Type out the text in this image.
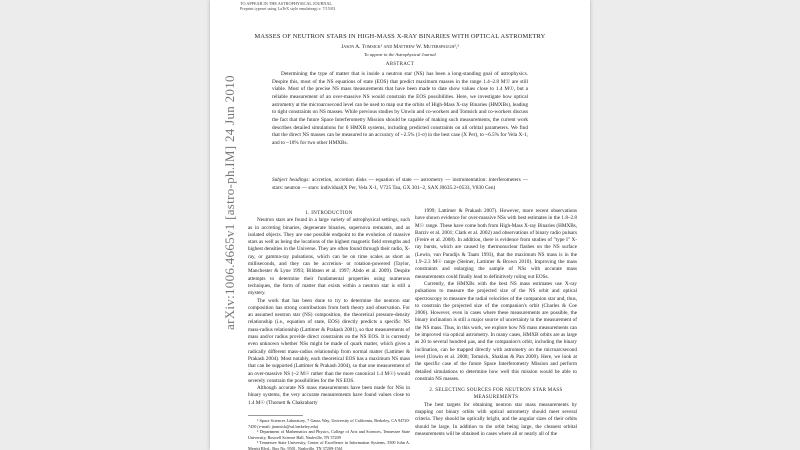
TO APPEAR IN THE ASTROPHYSICAL JOURNAL
Preprint typeset using LaTeX style emulateapj v. 7/15/03
MASSES OF NEUTRON STARS IN HIGH-MASS X-RAY BINARIES WITH OPTICAL ASTROMETRY
Jason A. Tomsick¹ and Matthew W. Muterspaugh²,³
To appear in the Astrophysical Journal
ABSTRACT

Determining the type of matter that is inside a neutron star (NS) has been a long-standing goal of astrophysics. Despite this, most of the NS equations of state (EOS) that predict maximum masses in the range 1.4–2.8 M☉ are still viable. Most of the precise NS mass measurements that have been made to date show values close to 1.4 M☉, but a reliable measurement of an over-massive NS would constrain the EOS possibilities. Here, we investigate how optical astrometry at the microarcsecond level can be used to map out the orbits of High-Mass X-ray Binaries (HMXBs), leading to tight constraints on NS masses. While previous studies by Unwin and co-workers and Tomsick and co-workers discuss the fact that the future Space Interferometry Mission should be capable of making such measurements, the current work describes detailed simulations for 6 HMXB systems, including predicted constraints on all orbital parameters. We find that the direct NS masses can be measured to an accuracy of ~2.5% (1-σ) in the best case (X Per), to ~6.5% for Vela X-1, and to ~10% for two other HMXBs.

Subject headings: accretion, accretion disks — equation of state — astrometry — instrumentation: interferometers — stars: neutron — stars: individual(X Per, Vela X-1, V725 Tau, GX 301−2, SAX J0635.2+0533, V830 Cen)

1. INTRODUCTION

Neutron stars are found in a large variety of astrophysical settings, such as in accreting binaries, degenerate binaries, supernova remnants, and as isolated objects. They are one possible endpoint to the evolution of massive stars as well as being the locations of the highest magnetic field strengths and highest densities in the Universe. They are often found through their radio, X-ray, or gamma-ray pulsations, which can be on time scales as short as milliseconds, and they can be accretion- or rotation-powered (Taylor, Manchester & Lyne 1993; Bildsten et al. 1997; Abdo et al. 2009). Despite attempts to determine their fundamental properties using numerous techniques, the form of matter that exists within a neutron star is still a mystery.

The work that has been done to try to determine the neutron star composition has strong contributions from both theory and observation. For an assumed neutron star (NS) composition, the theoretical pressure-density relationship (i.e., equation of state, EOS) directly predicts a specific NS mass-radius relationship (Lattimer & Prakash 2001), so that measurements of mass and/or radius provide direct constraints on the NS EOS. It is currently even unknown whether NSs might be made of quark matter, which gives a radically different mass-radius relationship from normal matter (Lattimer & Prakash 2004). Most notably, each theoretical EOS has a maximum NS mass that can be supported (Lattimer & Prakash 2004), so that one measurement of an over-massive NS (~2 M☉ rather than the more canonical 1.4 M☉) would severely constrain the possibilities for the NS EOS.

Although accurate NS mass measurements have been made for NSs in binary systems, the very accurate measurements have found values close to 1.4 M☉ (Thorsett & Chakrabarty

¹ Space Sciences Laboratory, 7 Gauss Way, University of California, Berkeley, CA 94720-7450 (e-mail: jtomsick@ssl.berkeley.edu)

² Department of Mathematics and Physics, College of Arts and Sciences, Tennessee State University, Boswell Science Hall, Nashville, TN 37209

³ Tennessee State University, Center of Excellence in Information Systems, 3500 John A. Merritt Blvd., Box No. 9501, Nashville, TN 37209-1561

1999; Lattimer & Prakash 2007). However, more recent observations have shown evidence for over-massive NSs with best estimates in the 1.8–2.8 M☉ range. These have come both from High-Mass X-ray Binaries (HMXBs, Barziv et al. 2001; Clark et al. 2002) and observations of binary radio pulsars (Freire et al. 2008). In addition, there is evidence from studies of "type I" X-ray bursts, which are caused by thermonuclear flashes on the NS surface (Lewin, van Paradijs & Taam 1993), that the maximum NS mass is in the 1.9–2.3 M☉ range (Steiner, Lattimer & Brown 2010). Improving the mass constraints and enlarging the sample of NSs with accurate mass measurements could finally lead to definitively ruling out EOSs.

Currently, the HMXBs with the best NS mass estimates use X-ray pulsations to measure the projected size of the NS orbit and optical spectroscopy to measure the radial velocities of the companion star and, thus, to constrain the projected size of the companion's orbit (Charles & Coe 2006). However, even in cases where these measurements are possible, the binary inclination is still a major source of uncertainty in the measurement of the NS mass. Thus, in this work, we explore how NS mass measurements can be improved via optical astrometry. In many cases, HMXB orbits are as large as 20 to several hundred μas, and the companion's orbit, including the binary inclination, can be mapped directly with astrometry on the microarcsecond level (Unwin et al. 2008; Tomsick, Shaklan & Pan 2009). Here, we look at the specific case of the future Space Interferometry Mission and perform detailed simulations to determine how well this mission would be able to constrain NS masses.

2. SELECTING SOURCES FOR NEUTRON STAR MASS MEASUREMENTS

The best targets for obtaining neutron star mass measurements by mapping out binary orbits with optical astrometry should meet several criteria. They should be optically bright, and the angular sizes of their orbits should be large. In addition to the orbit being large, the cleanest orbital measurements will be obtained in cases where all or nearly all of the

arXiv:1006.4665v1 [astro-ph.IM] 24 Jun 2010
